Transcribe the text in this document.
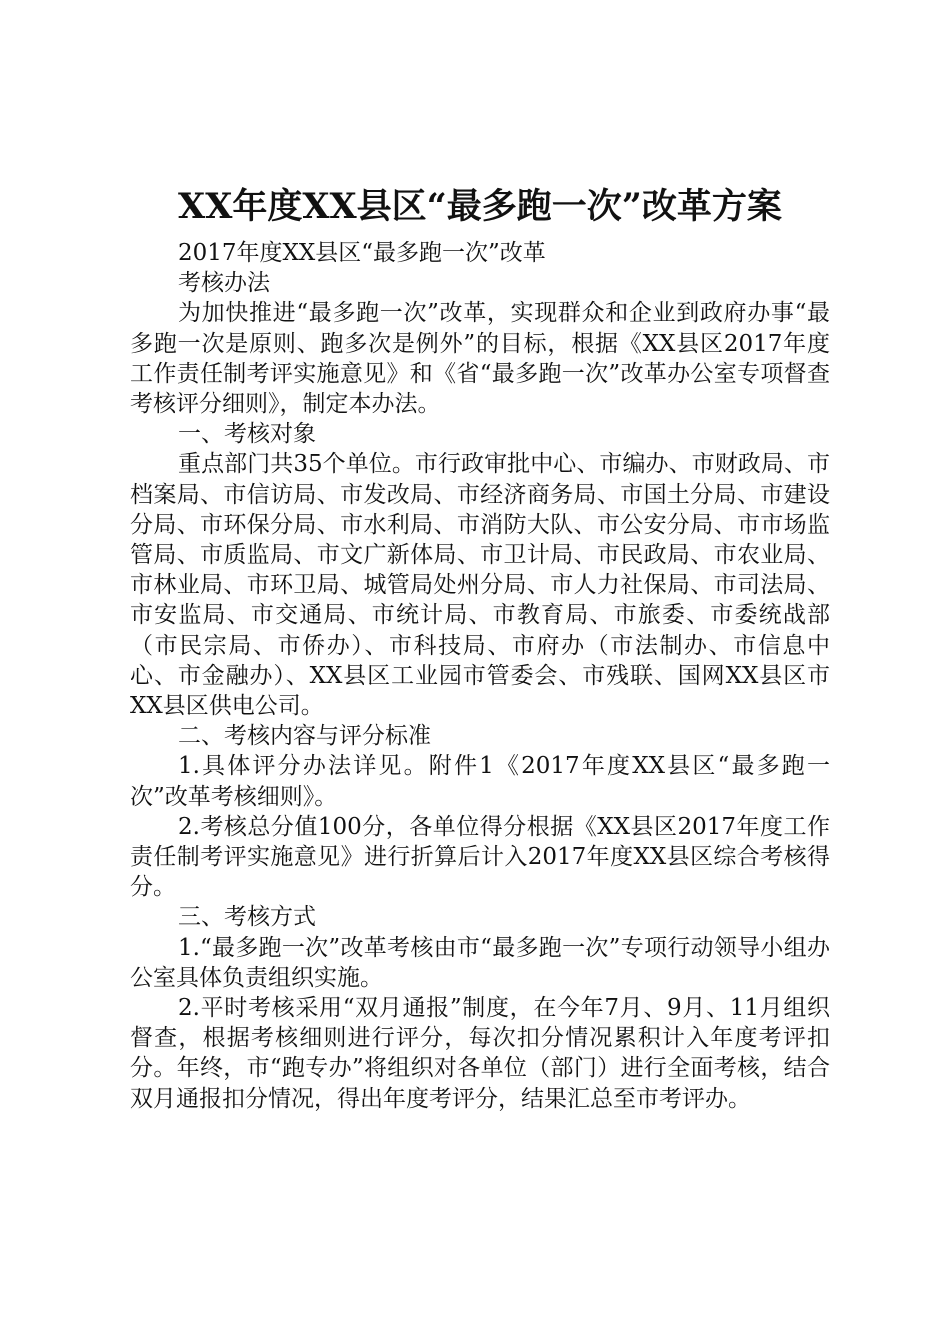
XX年度XX县区“最多跑一次”改革方案

2017年度XX县区“最多跑一次”改革

考核办法

为加快推进“最多跑一次”改革，实现群众和企业到政府办事“最多跑一次是原则、跑多次是例外”的目标，根据《XX县区2017年度工作责任制考评实施意见》和《省“最多跑一次”改革办公室专项督查考核评分细则》，制定本办法。

一、考核对象

重点部门共35个单位。市行政审批中心、市编办、市财政局、市档案局、市信访局、市发改局、市经济商务局、市国土分局、市建设分局、市环保分局、市水利局、市消防大队、市公安分局、市市场监管局、市质监局、市文广新体局、市卫计局、市民政局、市农业局、市林业局、市环卫局、城管局处州分局、市人力社保局、市司法局、市安监局、市交通局、市统计局、市教育局、市旅委、市委统战部（市民宗局、市侨办）、市科技局、市府办（市法制办、市信息中心、市金融办）、XX县区工业园市管委会、市残联、国网XX县区市XX县区供电公司。

二、考核内容与评分标准

1.具体评分办法详见。附件1《2017年度XX县区“最多跑一次”改革考核细则》。

2.考核总分值100分，各单位得分根据《XX县区2017年度工作责任制考评实施意见》进行折算后计入2017年度XX县区综合考核得分。

三、考核方式

1.“最多跑一次”改革考核由市“最多跑一次”专项行动领导小组办公室具体负责组织实施。

2.平时考核采用“双月通报”制度，在今年7月、9月、11月组织督查，根据考核细则进行评分，每次扣分情况累积计入年度考评扣分。年终，市“跑专办”将组织对各单位（部门）进行全面考核，结合双月通报扣分情况，得出年度考评分，结果汇总至市考评办。
